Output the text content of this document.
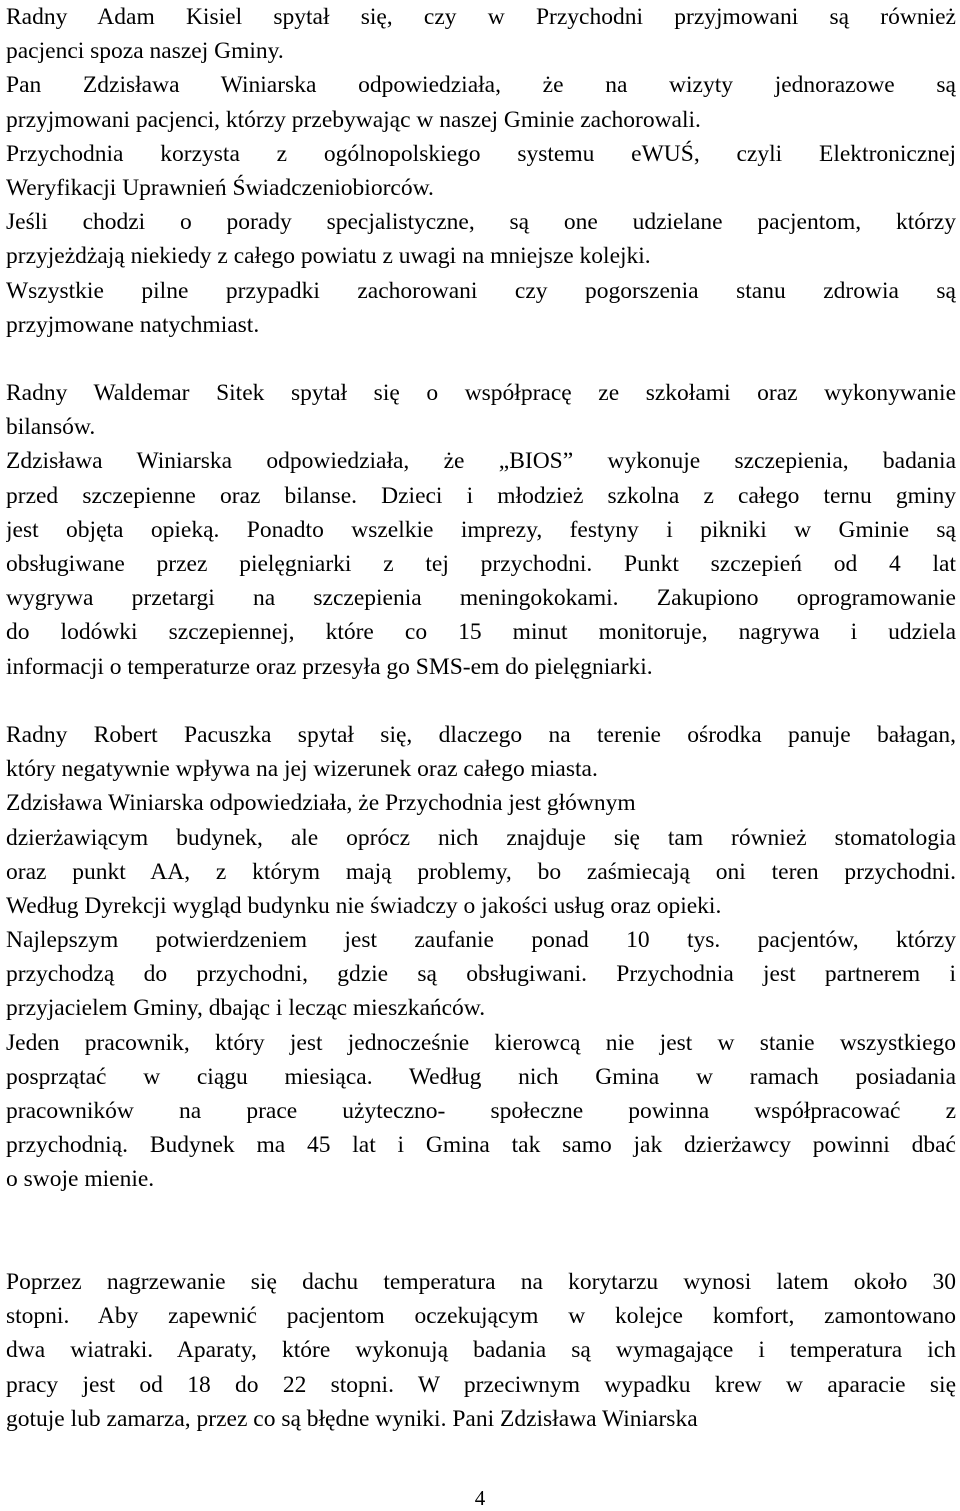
Radny Adam Kisiel spytał się, czy w Przychodni przyjmowani są również
pacjenci spoza naszej Gminy.
Pan Zdzisława Winiarska odpowiedziała, że na wizyty jednorazowe są
przyjmowani pacjenci, którzy przebywając w naszej Gminie zachorowali.
Przychodnia korzysta z ogólnopolskiego systemu eWUŚ, czyli Elektronicznej
Weryfikacji Uprawnień Świadczeniobiorców.
Jeśli chodzi o porady specjalistyczne, są one udzielane pacjentom, którzy
przyjeżdżają niekiedy z całego powiatu z uwagi na mniejsze kolejki.
Wszystkie pilne przypadki zachorowani czy pogorszenia stanu zdrowia są
przyjmowane natychmiast.
Radny Waldemar Sitek spytał się o współpracę ze szkołami oraz wykonywanie
bilansów.
Zdzisława Winiarska odpowiedziała, że „BIOS” wykonuje szczepienia, badania
przed szczepienne oraz bilanse. Dzieci i młodzież szkolna z całego ternu gminy
jest objęta opieką. Ponadto wszelkie imprezy, festyny i pikniki w Gminie są
obsługiwane przez pielęgniarki z tej przychodni. Punkt szczepień od 4 lat
wygrywa przetargi na szczepienia meningokokami. Zakupiono oprogramowanie
do lodówki szczepiennej, które co 15 minut monitoruje, nagrywa i udziela
informacji o temperaturze oraz przesyła go SMS-em do pielęgniarki.
Radny Robert Pacuszka spytał się, dlaczego na terenie ośrodka panuje bałagan,
który negatywnie wpływa na jej wizerunek oraz całego miasta.
Zdzisława Winiarska odpowiedziała, że Przychodnia jest głównym
dzierżawiącym budynek, ale oprócz nich znajduje się tam również stomatologia
oraz punkt AA, z którym mają problemy, bo zaśmiecają oni teren przychodni.
Według Dyrekcji wygląd budynku nie świadczy o jakości usług oraz opieki.
Najlepszym potwierdzeniem jest zaufanie ponad 10 tys. pacjentów, którzy
przychodzą do przychodni, gdzie są obsługiwani. Przychodnia jest partnerem i
przyjacielem Gminy, dbając i lecząc mieszkańców.
Jeden pracownik, który jest jednocześnie kierowcą nie jest w stanie wszystkiego
posprzątać w ciągu miesiąca. Według nich Gmina w ramach posiadania
pracowników na prace użyteczno- społeczne powinna współpracować z
przychodnią. Budynek ma 45 lat i Gmina tak samo jak dzierżawcy powinni dbać
o swoje mienie.
Poprzez nagrzewanie się dachu temperatura na korytarzu wynosi latem około 30
stopni. Aby zapewnić pacjentom oczekującym w kolejce komfort, zamontowano
dwa wiatraki. Aparaty, które wykonują badania są wymagające i temperatura ich
pracy jest od 18 do 22 stopni. W przeciwnym wypadku krew w aparacie się
gotuje lub zamarza, przez co są błędne wyniki. Pani Zdzisława Winiarska
4
